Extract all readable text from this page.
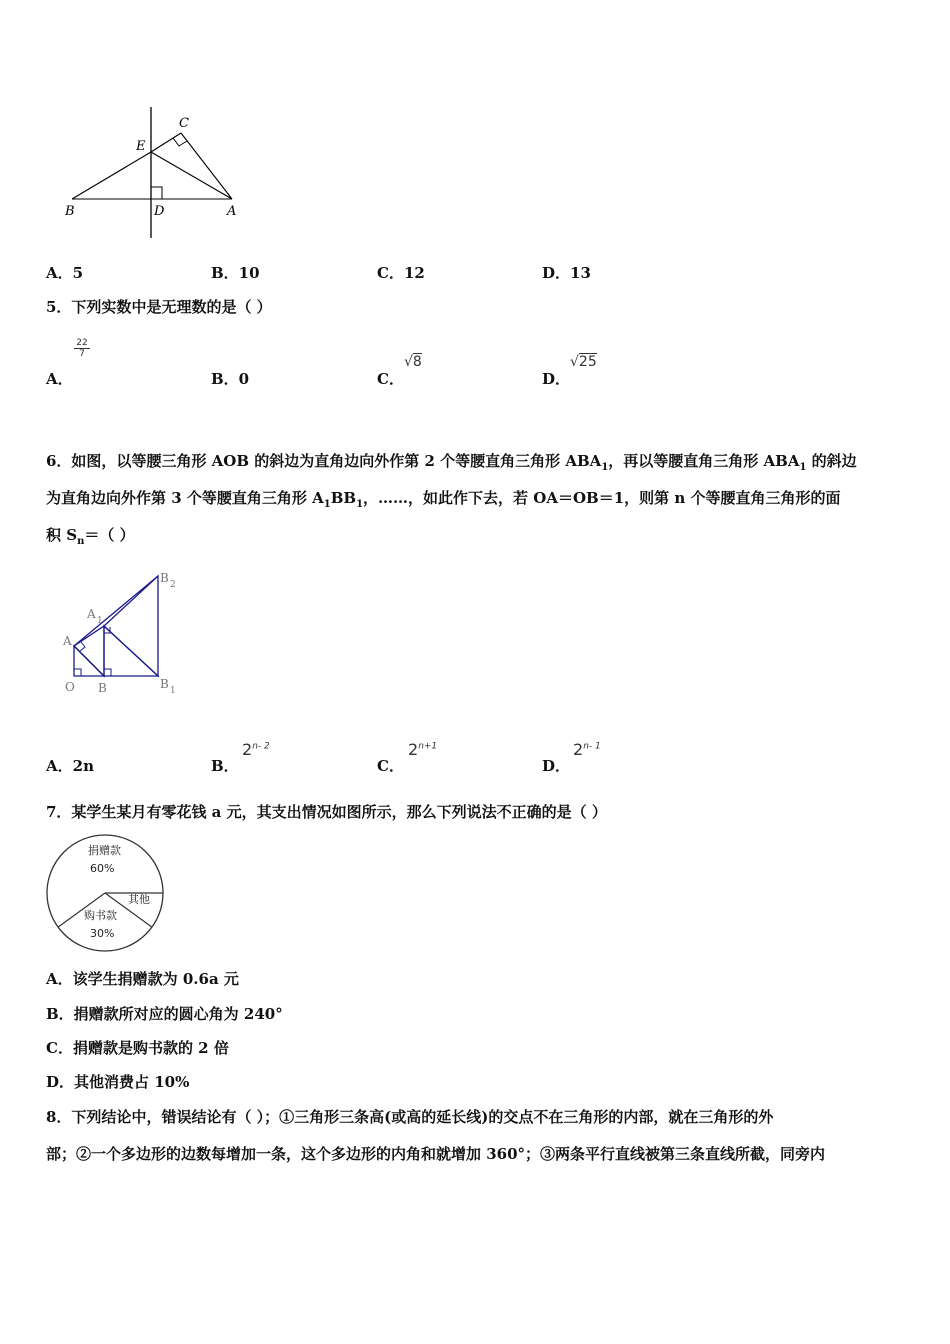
E
C
B	D	A
A．5	B．10	C．12	D．13
5．下列实数中是无理数的是（ ）
A．
$\frac{22}{7}$
B．0	C．
√8
D．
√25
6．如图，以等腰三角形 AOB 的斜边为直角边向外作第 2 个等腰直角三角形 $ABA_1$，再以等腰直角三角形 $ABA_1$ 的斜边
为直角边向外作第 3 个等腰直角三角形 $A_1BB_1$，……，如此作下去，若 OA＝OB＝1，则第 n 个等腰直角三角形的面
积 $S_n=$（ ）
B 2
A 1
A
O B	B 1
A．2n	B．
2$^{n- 2}$
C．
$2^{n+1}$
D．
2$^{n- 1}$
7．某学生某月有零花钱 a 元，其支出情况如图所示，那么下列说法不正确的是（ ）
捐赠款
60%
其他
购书款
30%
A．该学生捐赠款为 0.6a 元
B．捐赠款所对应的圆心角为 240°
C．捐赠款是购书款的 2 倍
D．其他消费占 10%
8．下列结论中，错误结论有（ ）；①三角形三条高(或高的延长线)的交点不在三角形的内部，就在三角形的外
部；②一个多边形的边数每增加一条，这个多边形的内角和就增加 360°；③两条平行直线被第三条直线所截，同旁内
